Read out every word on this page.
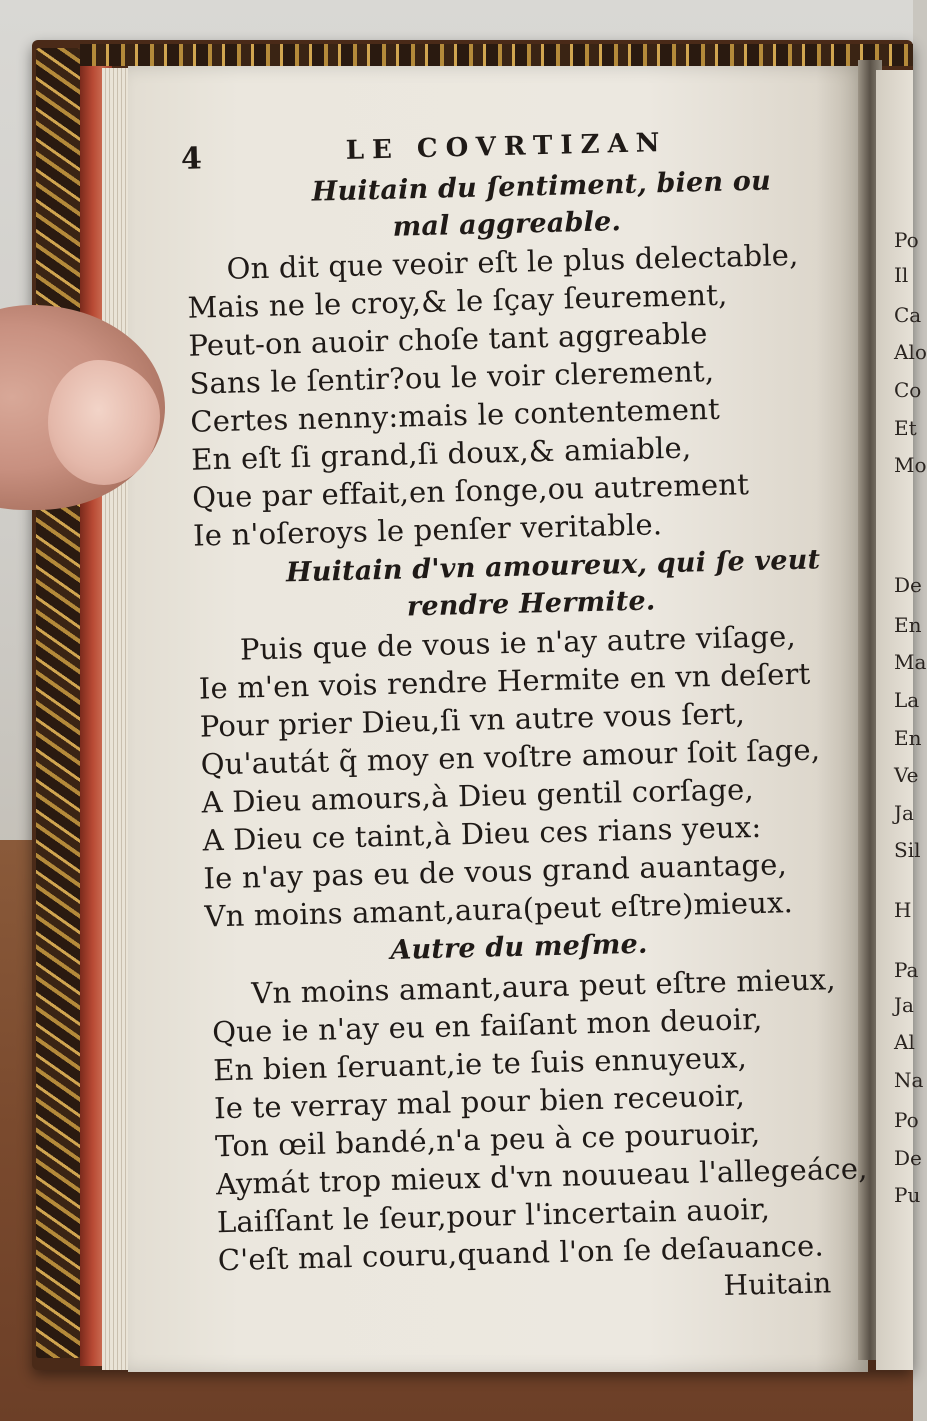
Po
Il
Ca
Alo
Co
Et
Mo
De
En
Ma
La
En
Ve
Ja
Sil
H
Pa
Ja
Al
Na
Po
De
Pu
4	LE COVRTIZAN
Huitain du ſentiment, bien ou
mal aggreable.
On dit que veoir eſt le plus delectable,
Mais ne le croy,& le ſçay ſeurement,
Peut-on auoir choſe tant aggreable
Sans le ſentir?ou le voir clerement,
Certes nenny:mais le contentement
En eſt ſi grand,ſi doux,& amiable,
Que par effait,en ſonge,ou autrement
Ie n'oſeroys le penſer veritable.
Huitain d'vn amoureux, qui ſe veut
rendre Hermite.
Puis que de vous ie n'ay autre viſage,
Ie m'en vois rendre Hermite en vn deſert
Pour prier Dieu,ſi vn autre vous ſert,
Qu'autát q̃ moy en voſtre amour ſoit ſage,
A Dieu amours,à Dieu gentil corſage,
A Dieu ce taint,à Dieu ces rians yeux:
Ie n'ay pas eu de vous grand auantage,
Vn moins amant,aura(peut eſtre)mieux.
Autre du meſme.
Vn moins amant,aura peut eſtre mieux,
Que ie n'ay eu en faiſant mon deuoir,
En bien ſeruant,ie te ſuis ennuyeux,
Ie te verray mal pour bien receuoir,
Ton œil bandé,n'a peu à ce pouruoir,
Aymát trop mieux d'vn nouueau l'allegeáce,
Laiſſant le ſeur,pour l'incertain auoir,
C'eſt mal couru,quand l'on ſe deſauance.
Huitain
